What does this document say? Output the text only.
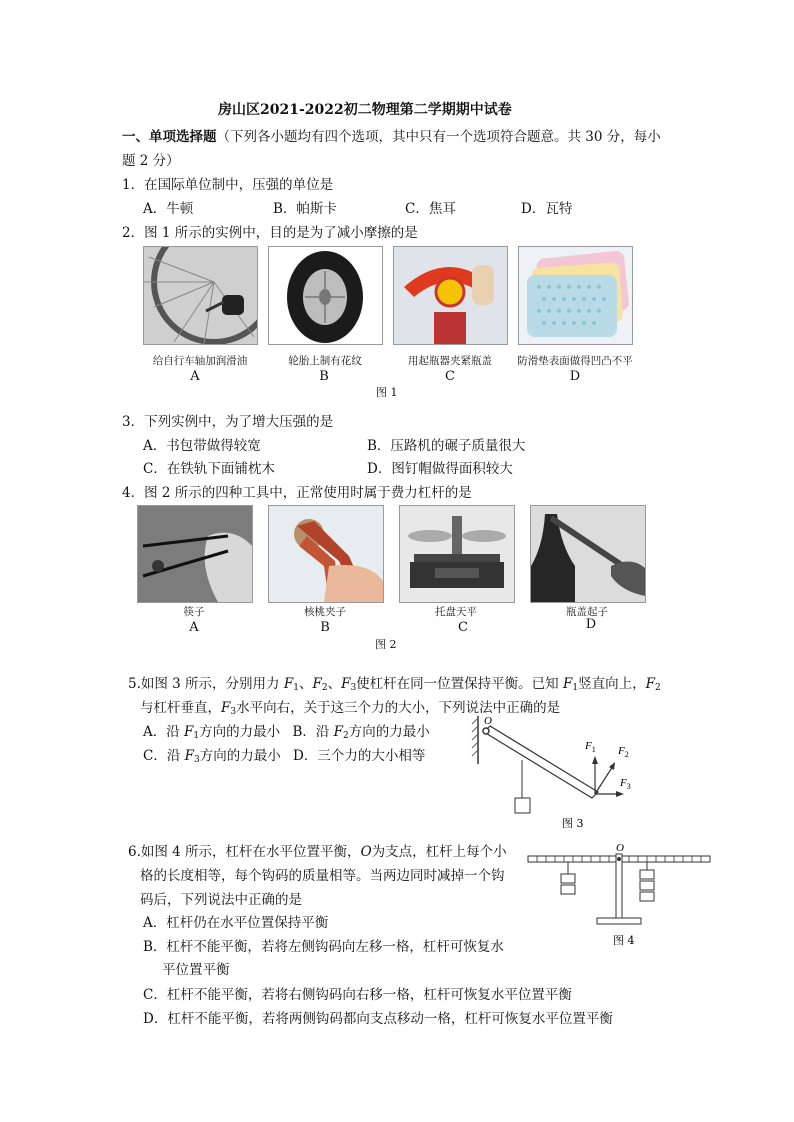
房山区2021-2022初二物理第二学期期中试卷
一、单项选择题（下列各小题均有四个选项，其中只有一个选项符合题意。共 30 分，每小
题 2 分）
1．在国际单位制中，压强的单位是
A．牛顿	B．帕斯卡	C．焦耳	D．瓦特
2．图 1 所示的实例中，目的是为了减小摩擦的是
给自行车轴加润滑油	轮胎上制有花纹	用起瓶器夹紧瓶盖	防滑垫表面做得凹凸不平
A	B	C	D
图 1
3．下列实例中，为了增大压强的是
A．书包带做得较宽	B．压路机的碾子质量很大
C．在铁轨下面铺枕木	D．图钉帽做得面积较大
4．图 2 所示的四种工具中，正常使用时属于费力杠杆的是
筷子	核桃夹子	托盘天平	瓶盖起子
A	B	C	D
图 2
5.如图 3 所示，分别用力 $F_1$、$F_2$、$F_3$使杠杆在同一位置保持平衡。已知 $F_1$竖直向上，$F_2$
与杠杆垂直，$F_3$水平向右，关于这三个力的大小，下列说法中正确的是
A．沿 $F_1$方向的力最小 B．沿 $F_2$方向的力最小
C．沿 $F_3$方向的力最小 D．三个力的大小相等
O
$F_1$ $F_2$
$F_3$
图 3
6.如图 4 所示，杠杆在水平位置平衡，O为支点，杠杆上每个小
格的长度相等，每个钩码的质量相等。当两边同时减掉一个钩
码后，下列说法中正确的是
A．杠杆仍在水平位置保持平衡
B．杠杆不能平衡，若将左侧钩码向左移一格，杠杆可恢复水
平位置平衡
C．杠杆不能平衡，若将右侧钩码向右移一格，杠杆可恢复水平位置平衡
D．杠杆不能平衡，若将两侧钩码都向支点移动一格，杠杆可恢复水平位置平衡
O
图 4
